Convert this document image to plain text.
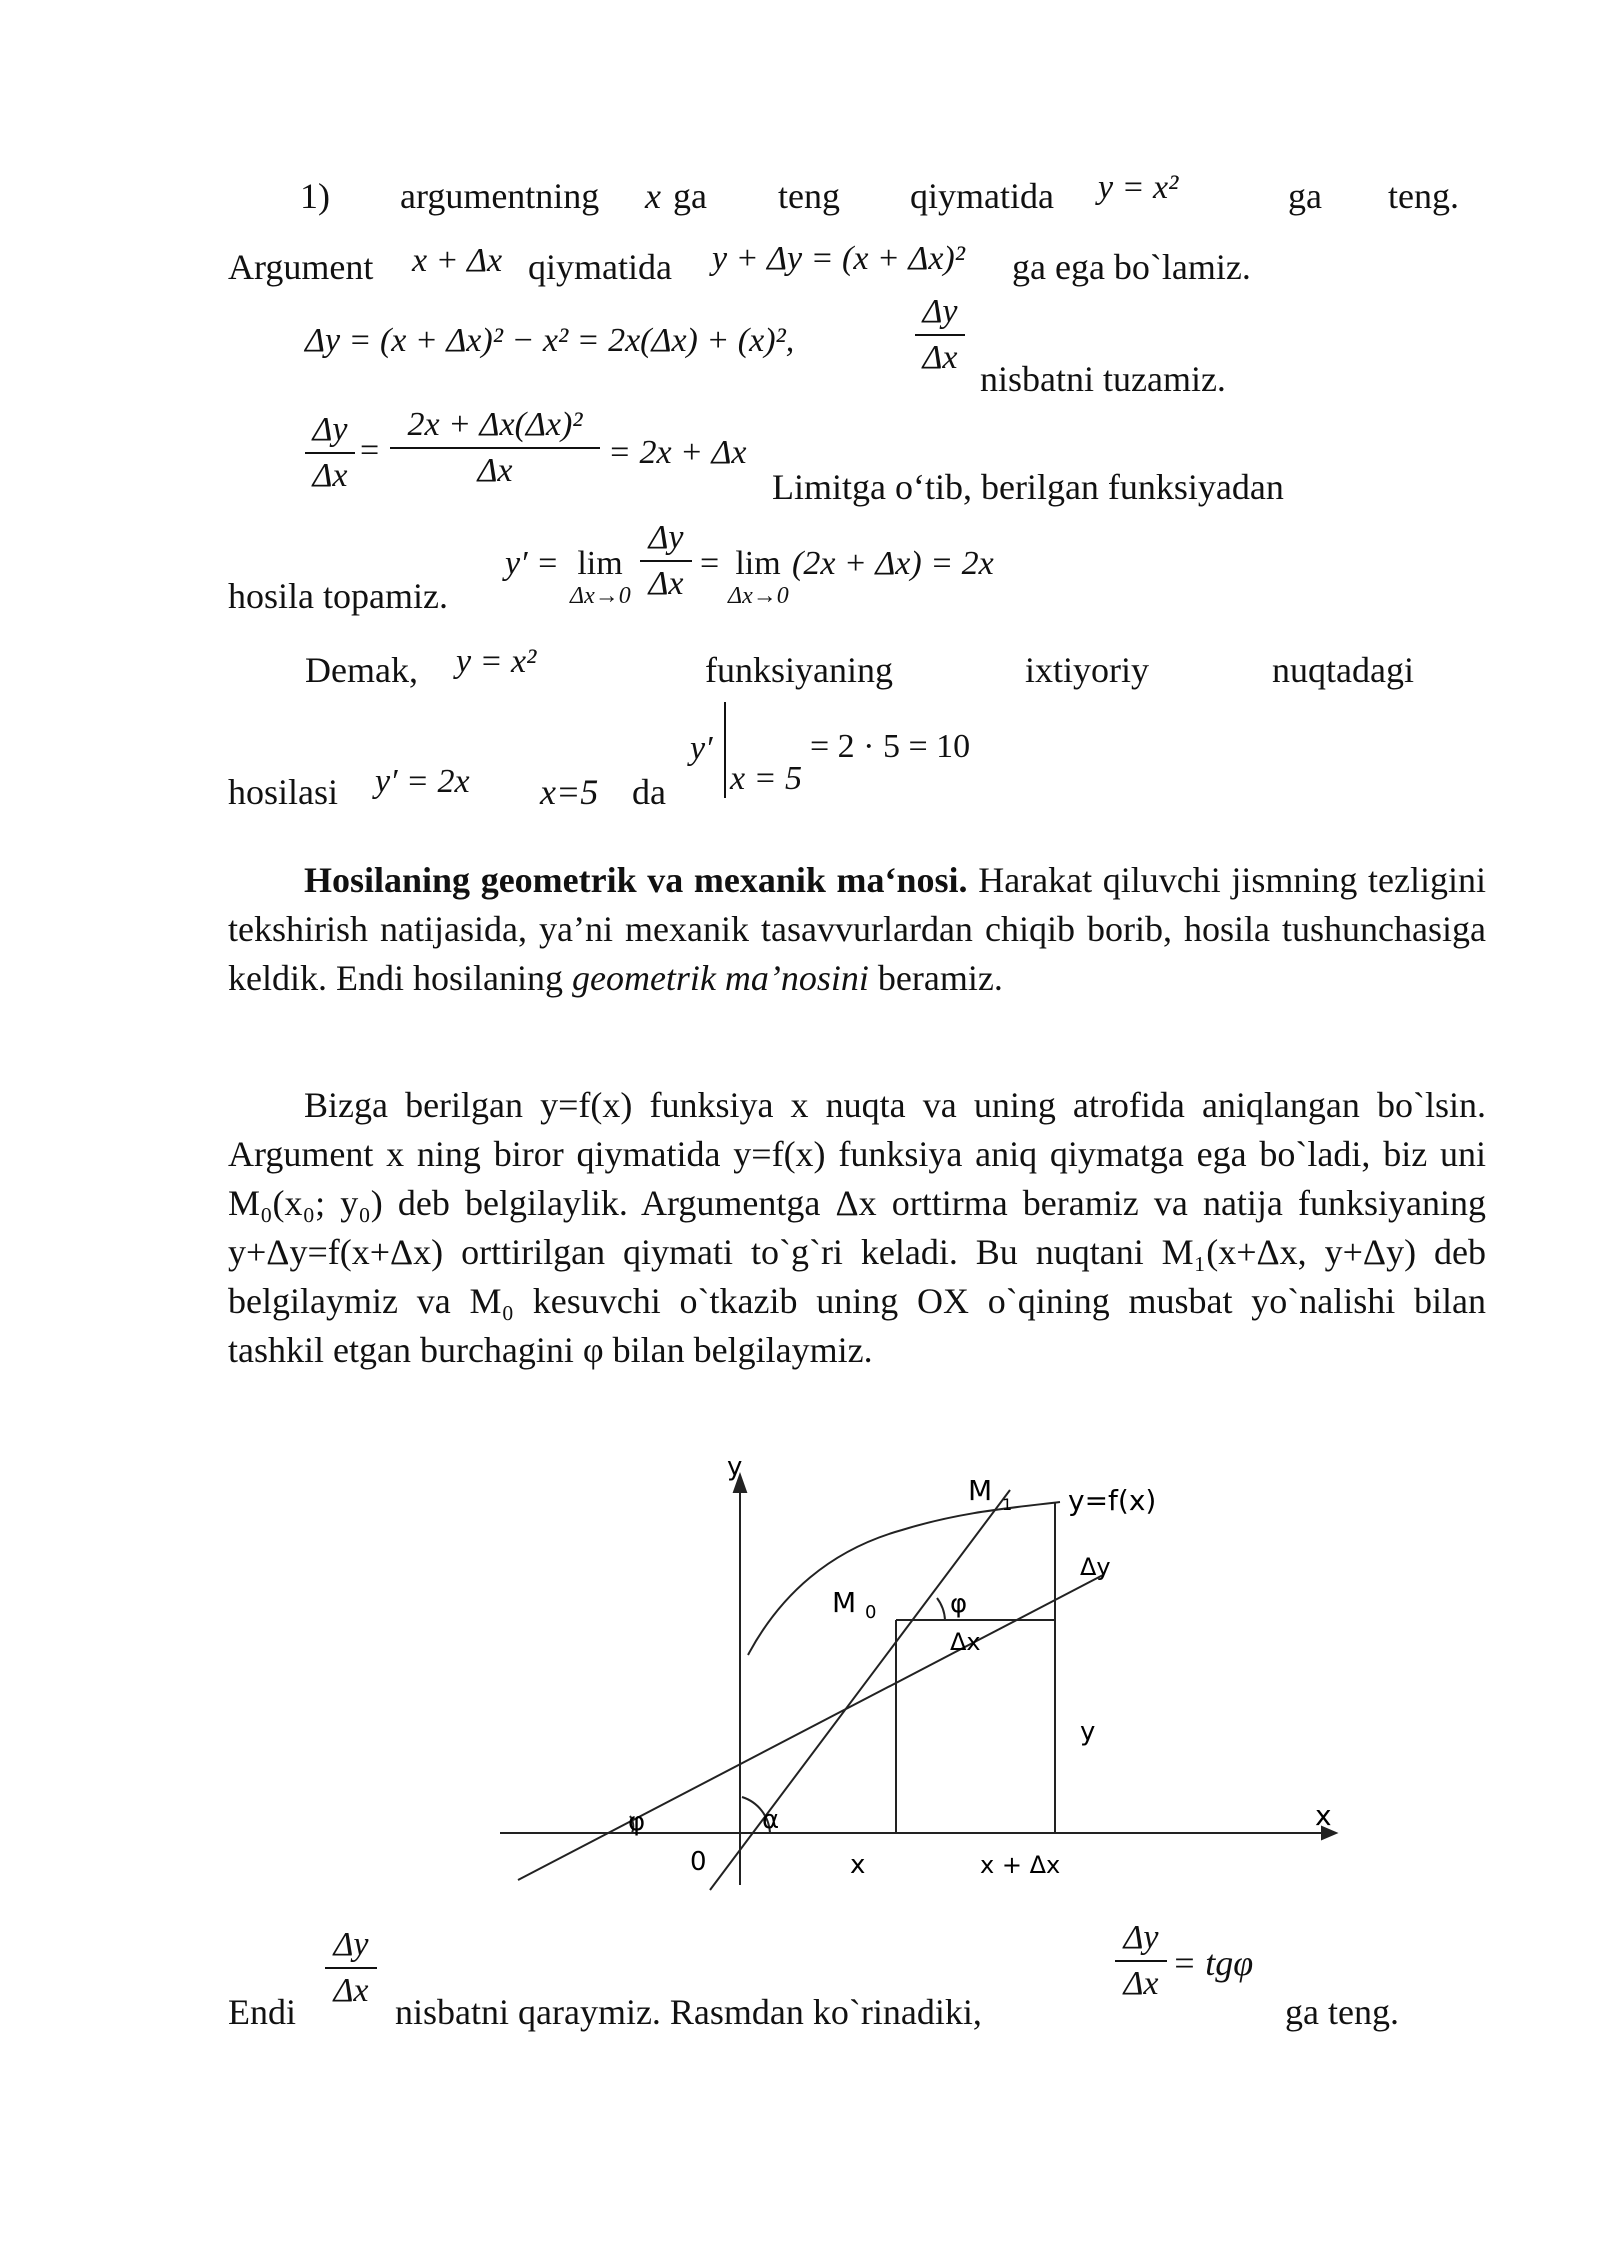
1) argumentning x ga teng qiymatida y = x²	ga teng.
Argument x + Δx qiymatida y + Δy = (x + Δx)² ga ega bo`lamiz.
Δy = (x + Δx)² − x² = 2x(Δx) + (x)²,
Δy
Δx
nisbatni tuzamiz.
Δy
Δx
=
2x + Δx(Δx)²
Δx	= 2x + Δx
Limitga o‘tib, berilgan funksiyadan
hosila topamiz.
y′ = lim
Δx→0
Δy
Δx
= lim
Δx→0
(2x + Δx) = 2x
Demak, y = x²	funksiyaning	ixtiyoriy	nuqtadagi
hosilasi y′ = 2x x=5 da
y′
x = 5
= 2 · 5 = 10

Hosilaning geometrik va mexanik ma‘nosi. Harakat qiluvchi jismning tezligini tekshirish natijasida, ya’ni mexanik tasavvurlardan chiqib borib, hosila tushunchasiga keldik. Endi hosilaning geometrik ma’nosini beramiz.

Bizga berilgan y=f(x) funksiya x nuqta va uning atrofida aniqlangan bo`lsin. Argument x ning biror qiymatida y=f(x) funksiya aniq qiymatga ega bo`ladi, biz uni M₀(x₀; y₀) deb belgilaylik. Argumentga Δx orttirma beramiz va natija funksiyaning y+Δy=f(x+Δx) orttirilgan qiymati to`g`ri keladi. Bu nuqtani M₁(x+Δx, y+Δy) deb belgilaymiz va M₀ kesuvchi o`tkazib uning OX o`qining musbat yo`nalishi bilan tashkil etgan burchagini φ bilan belgilaymiz.

y
x
0
M 1
M 0
y=f(x)
φ
φ	α
Δx
Δy
y
x	x + Δx
Endi
Δy
Δx
nisbatni qaraymiz. Rasmdan ko`rinadiki,
Δy
Δx
= tgφ
ga teng.
